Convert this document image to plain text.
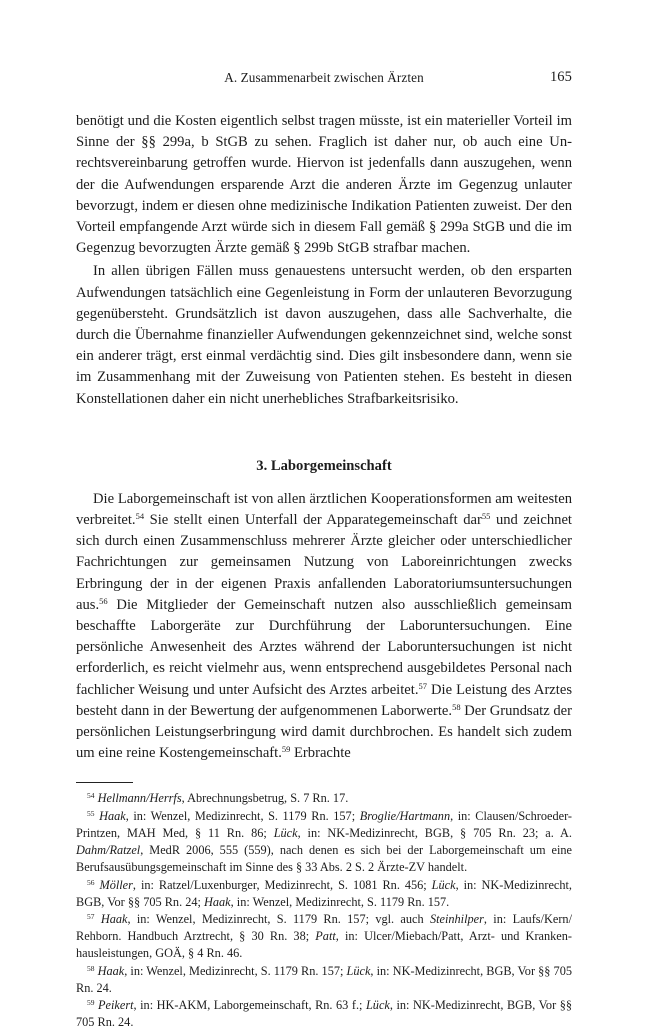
A. Zusammenarbeit zwischen Ärzten	165

benötigt und die Kosten eigentlich selbst tragen müsste, ist ein materieller Vorteil im Sinne der §§ 299a, b StGB zu sehen. Fraglich ist daher nur, ob auch eine Unrechtsvereinbarung getroffen wurde. Hiervon ist jedenfalls dann auszugehen, wenn der die Aufwendungen ersparende Arzt die anderen Ärzte im Gegenzug unlauter bevorzugt, indem er diesen ohne medizinische Indikation Patienten zuweist. Der den Vorteil empfangende Arzt würde sich in diesem Fall gemäß § 299a StGB und die im Gegenzug bevorzugten Ärzte gemäß § 299b StGB strafbar machen.

In allen übrigen Fällen muss genauestens untersucht werden, ob den ersparten Aufwendungen tatsächlich eine Gegenleistung in Form der unlauteren Bevorzugung gegenübersteht. Grundsätzlich ist davon auszugehen, dass alle Sachverhalte, die durch die Übernahme finanzieller Aufwendungen gekennzeichnet sind, welche sonst ein anderer trägt, erst einmal verdächtig sind. Dies gilt insbesondere dann, wenn sie im Zusammenhang mit der Zuweisung von Patienten stehen. Es besteht in diesen Konstellationen daher ein nicht unerhebliches Strafbarkeitsrisiko.

3. Laborgemeinschaft

Die Laborgemeinschaft ist von allen ärztlichen Kooperationsformen am weitesten verbreitet.$^{54}$ Sie stellt einen Unterfall der Apparategemeinschaft dar$^{55}$ und zeichnet sich durch einen Zusammenschluss mehrerer Ärzte gleicher oder unterschiedlicher Fachrichtungen zur gemeinsamen Nutzung von Laboreinrichtungen zwecks Erbringung der in der eigenen Praxis anfallenden Laboratoriumsuntersuchungen aus.$^{56}$ Die Mitglieder der Gemeinschaft nutzen also ausschließlich gemeinsam beschaffte Laborgeräte zur Durchführung der Laboruntersuchungen. Eine persönliche Anwesenheit des Arztes während der Laboruntersuchungen ist nicht erforderlich, es reicht vielmehr aus, wenn entsprechend ausgebildetes Personal nach fachlicher Weisung und unter Aufsicht des Arztes arbeitet.$^{57}$ Die Leistung des Arztes besteht dann in der Bewertung der aufgenommenen Laborwerte.$^{58}$ Der Grundsatz der persönlichen Leistungserbringung wird damit durchbrochen. Es handelt sich zudem um eine reine Kostengemeinschaft.$^{59}$ Erbrachte

$^{54}$ Hellmann/Herrfs, Abrechnungsbetrug, S. 7 Rn. 17.

$^{55}$ Haak, in: Wenzel, Medizinrecht, S. 1179 Rn. 157; Broglie/Hartmann, in: Clausen/Schroeder-Printzen, MAH Med, § 11 Rn. 86; Lück, in: NK-Medizinrecht, BGB, § 705 Rn. 23; a. A. Dahm/Ratzel, MedR 2006, 555 (559), nach denen es sich bei der Laborgemeinschaft um eine Berufsausübungsgemeinschaft im Sinne des § 33 Abs. 2 S. 2 Ärzte-ZV handelt.

$^{56}$ Möller, in: Ratzel/Luxenburger, Medizinrecht, S. 1081 Rn. 456; Lück, in: NK-Medizinrecht, BGB, Vor §§ 705 Rn. 24; Haak, in: Wenzel, Medizinrecht, S. 1179 Rn. 157.

$^{57}$ Haak, in: Wenzel, Medizinrecht, S. 1179 Rn. 157; vgl. auch Steinhilper, in: Laufs/Kern/ Rehborn. Handbuch Arztrecht, § 30 Rn. 38; Patt, in: Ulcer/Miebach/Patt, Arzt- und Krankenhausleistungen, GOÄ, § 4 Rn. 46.

$^{58}$ Haak, in: Wenzel, Medizinrecht, S. 1179 Rn. 157; Lück, in: NK-Medizinrecht, BGB, Vor §§ 705 Rn. 24.

$^{59}$ Peikert, in: HK-AKM, Laborgemeinschaft, Rn. 63 f.; Lück, in: NK-Medizinrecht, BGB, Vor §§ 705 Rn. 24.
